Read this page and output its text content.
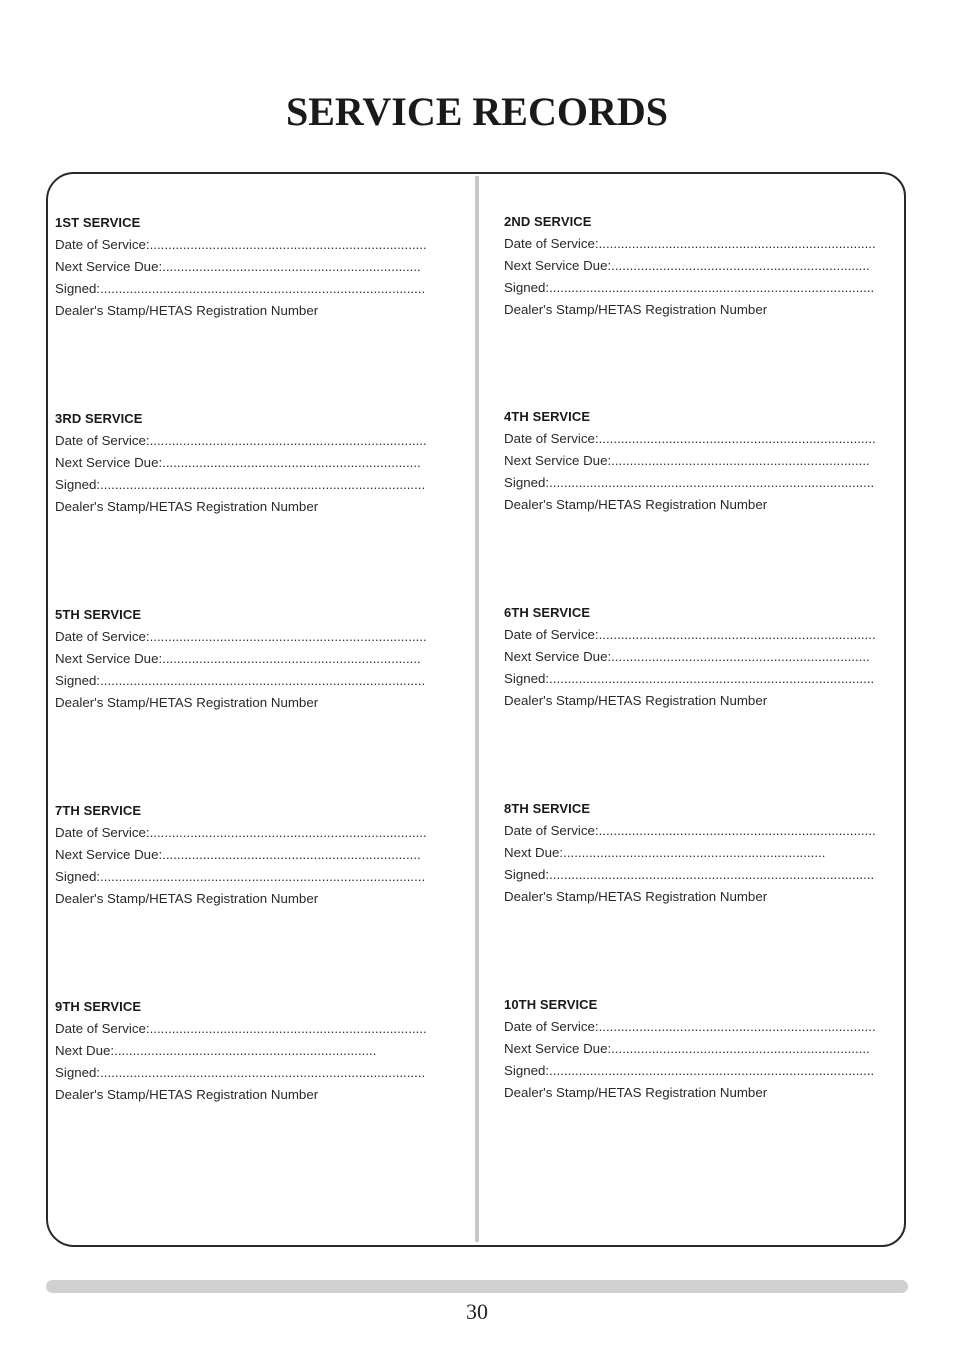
SERVICE RECORDS
1ST SERVICE
Date of Service:...........................................................................
Next Service Due:......................................................................
Signed:........................................................................................
Dealer's Stamp/HETAS Registration Number
3RD SERVICE
Date of Service:...........................................................................
Next Service Due:......................................................................
Signed:........................................................................................
Dealer's Stamp/HETAS Registration Number
5TH SERVICE
Date of Service:...........................................................................
Next Service Due:......................................................................
Signed:........................................................................................
Dealer's Stamp/HETAS Registration Number
7TH SERVICE
Date of Service:...........................................................................
Next Service Due:......................................................................
Signed:........................................................................................
Dealer's Stamp/HETAS Registration Number
9TH SERVICE
Date of Service:...........................................................................
Next Due:.......................................................................
Signed:........................................................................................
Dealer's Stamp/HETAS Registration Number
2ND SERVICE
Date of Service:...........................................................................
Next Service Due:......................................................................
Signed:........................................................................................
Dealer's Stamp/HETAS Registration Number
4TH SERVICE
Date of Service:...........................................................................
Next Service Due:......................................................................
Signed:........................................................................................
Dealer's Stamp/HETAS Registration Number
6TH SERVICE
Date of Service:...........................................................................
Next Service Due:......................................................................
Signed:........................................................................................
Dealer's Stamp/HETAS Registration Number
8TH SERVICE
Date of Service:...........................................................................
Next Due:.......................................................................
Signed:........................................................................................
Dealer's Stamp/HETAS Registration Number
10TH SERVICE
Date of Service:...........................................................................
Next Service Due:......................................................................
Signed:........................................................................................
Dealer's Stamp/HETAS Registration Number
30
